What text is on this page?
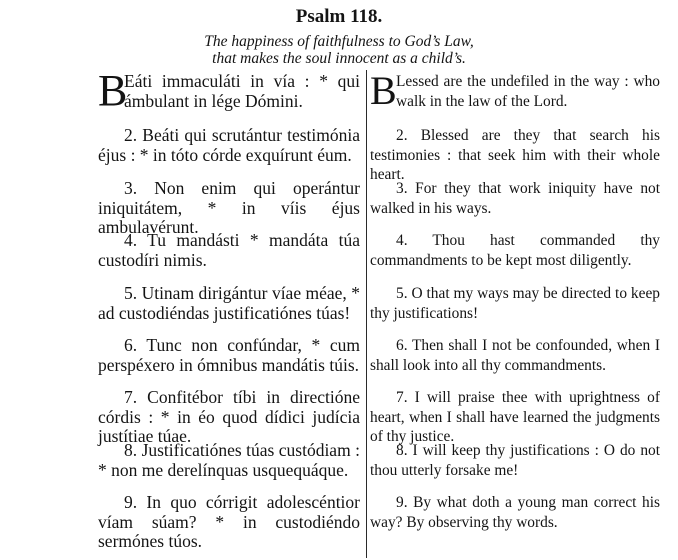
Psalm 118.
The happiness of faithfulness to God’s Law,
that makes the soul innocent as a child’s.
B
Eáti immaculáti in vía : * qui ámbulant in lége Dómini.
2. Beáti qui scrutántur testimónia éjus : * in tóto córde exquírunt éum.
3. Non enim qui operántur iniquitátem, * in víis éjus ambulavérunt.
4. Tu mandásti * mandáta túa custodíri nimis.
5. Utinam dirigántur víae méae, * ad custodiéndas justificatiónes túas!
6. Tunc non confúndar, * cum perspéxero in ómnibus mandátis túis.
7. Confitébor tíbi in directióne córdis : * in éo quod dídici judícia justítiae túae.
8. Justificatiónes túas custódiam : * non me derelínquas usquequáque.
9. In quo córrigit adolescéntior víam súam? * in custodiéndo sermónes túos.
B Lessed are the undefiled in the way : who walk in the law of the Lord.
2. Blessed are they that search his testimonies : that seek him with their whole heart.
3. For they that work iniquity have not walked in his ways.
4. Thou hast commanded thy commandments to be kept most diligently.
5. O that my ways may be directed to keep thy justifications!
6. Then shall I not be confounded, when I shall look into all thy commandments.
7. I will praise thee with uprightness of heart, when I shall have learned the judgments of thy justice.
8. I will keep thy justifications : O do not thou utterly forsake me!
9. By what doth a young man correct his way? By observing thy words.
